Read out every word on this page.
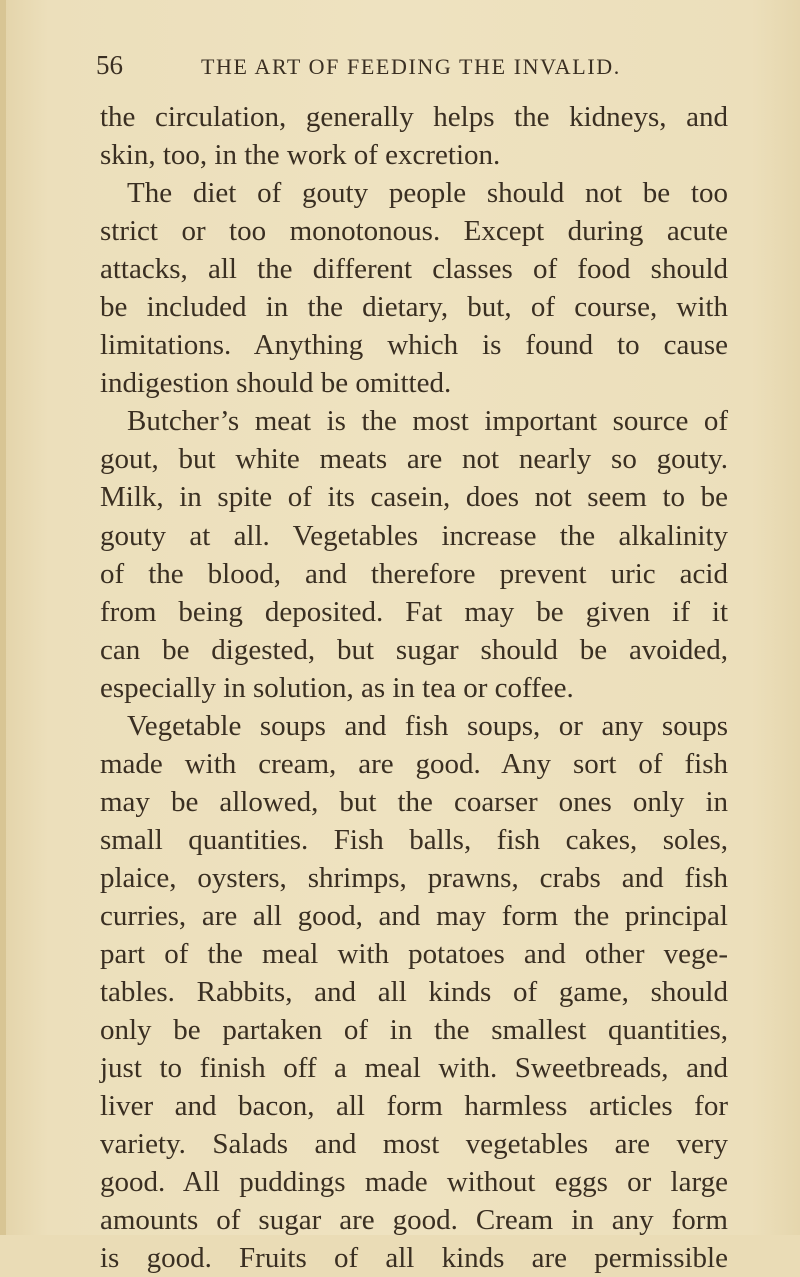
56	THE ART OF FEEDING THE INVALID.
the circulation, generally helps the kidneys, and
skin, too, in the work of excretion.
The diet of gouty people should not be too
strict or too monotonous. Except during acute
attacks, all the different classes of food should
be included in the dietary, but, of course, with
limitations. Anything which is found to cause
indigestion should be omitted.
Butcher’s meat is the most important source of
gout, but white meats are not nearly so gouty.
Milk, in spite of its casein, does not seem to be
gouty at all. Vegetables increase the alkalinity
of the blood, and therefore prevent uric acid
from being deposited. Fat may be given if it
can be digested, but sugar should be avoided,
especially in solution, as in tea or coffee.
Vegetable soups and fish soups, or any soups
made with cream, are good. Any sort of fish
may be allowed, but the coarser ones only in
small quantities. Fish balls, fish cakes, soles,
plaice, oysters, shrimps, prawns, crabs and fish
curries, are all good, and may form the principal
part of the meal with potatoes and other vege-
tables. Rabbits, and all kinds of game, should
only be partaken of in the smallest quantities,
just to finish off a meal with. Sweetbreads, and
liver and bacon, all form harmless articles for
variety. Salads and most vegetables are very
good. All puddings made without eggs or large
amounts of sugar are good. Cream in any form
is good. Fruits of all kinds are permissible
